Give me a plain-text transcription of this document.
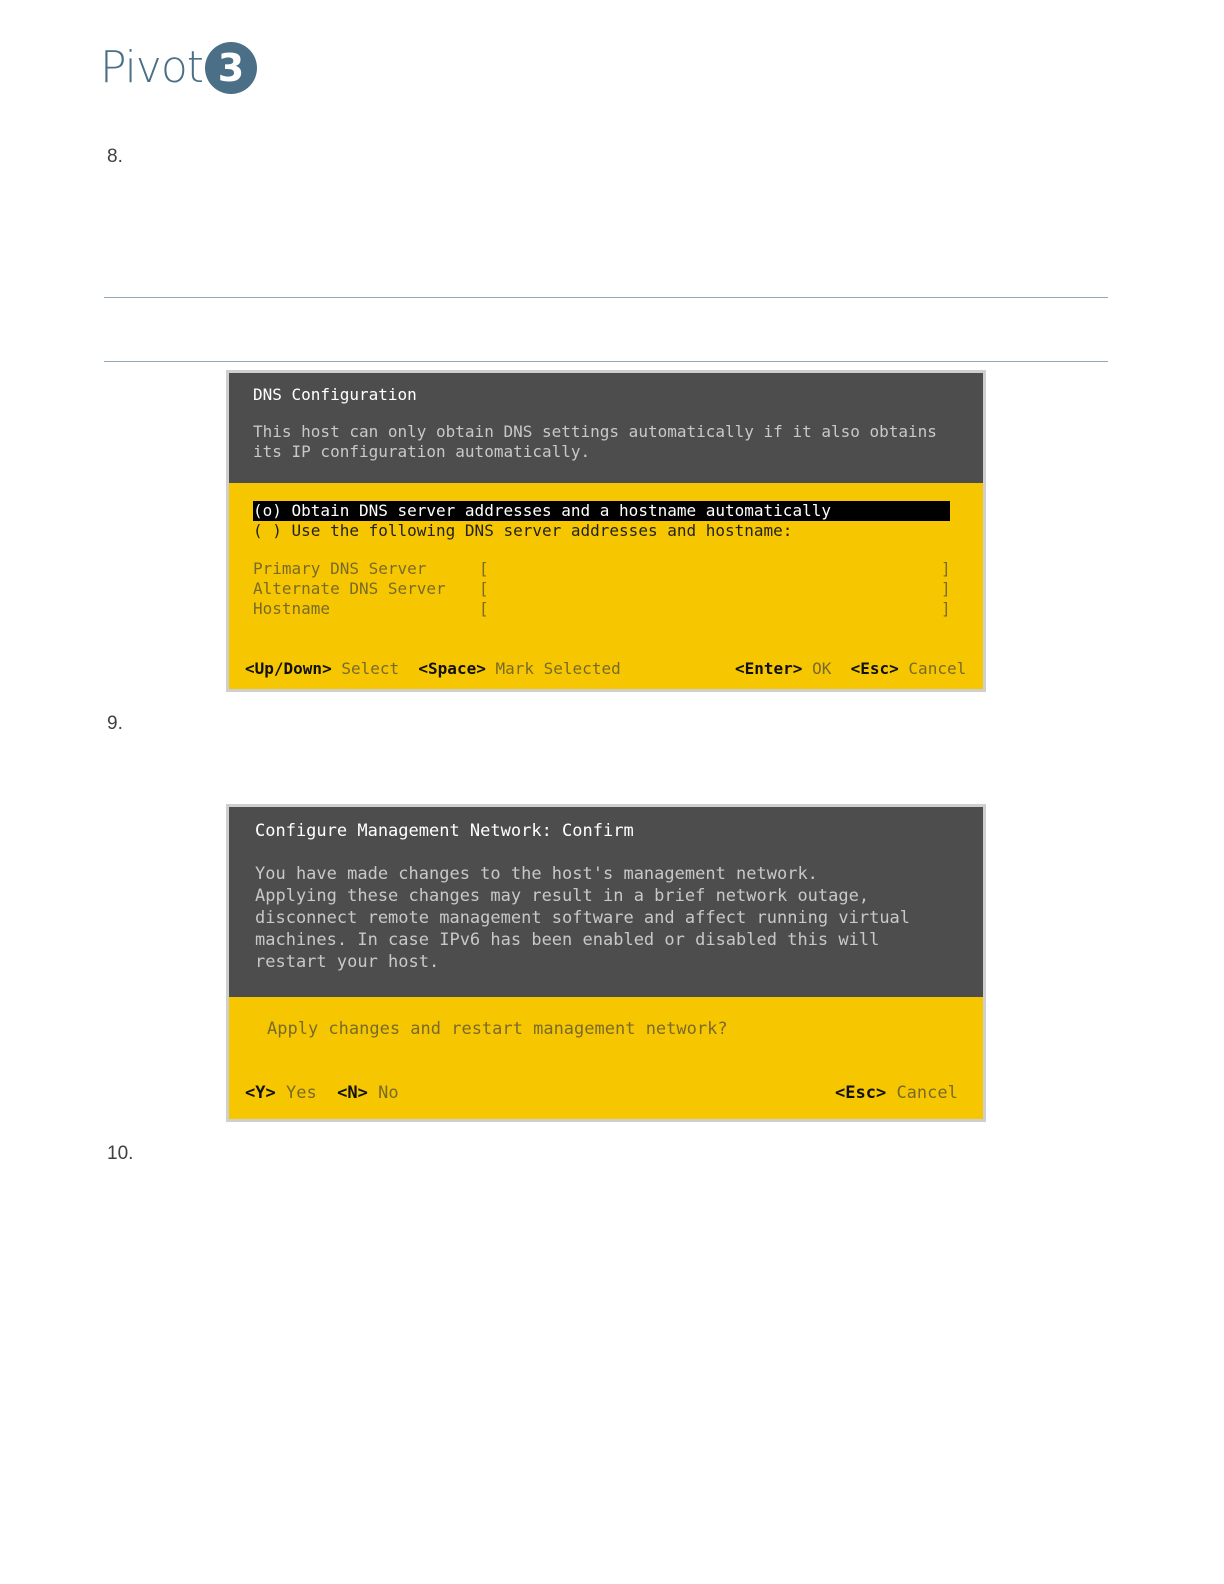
Pivot 3
8.
DNS Configuration
This host can only obtain DNS settings automatically if it also obtains
its IP configuration automatically.
(o) Obtain DNS server addresses and a hostname automatically
( ) Use the following DNS server addresses and hostname:
Primary DNS Server	[	]
Alternate DNS Server	[	]
Hostname	[	]
<Up/Down> Select <Space> Mark Selected	<Enter> OK <Esc> Cancel
9.
Configure Management Network: Confirm
You have made changes to the host's management network.
Applying these changes may result in a brief network outage,
disconnect remote management software and affect running virtual
machines. In case IPv6 has been enabled or disabled this will
restart your host.
Apply changes and restart management network?
<Y> Yes <N> No	<Esc> Cancel
10.
